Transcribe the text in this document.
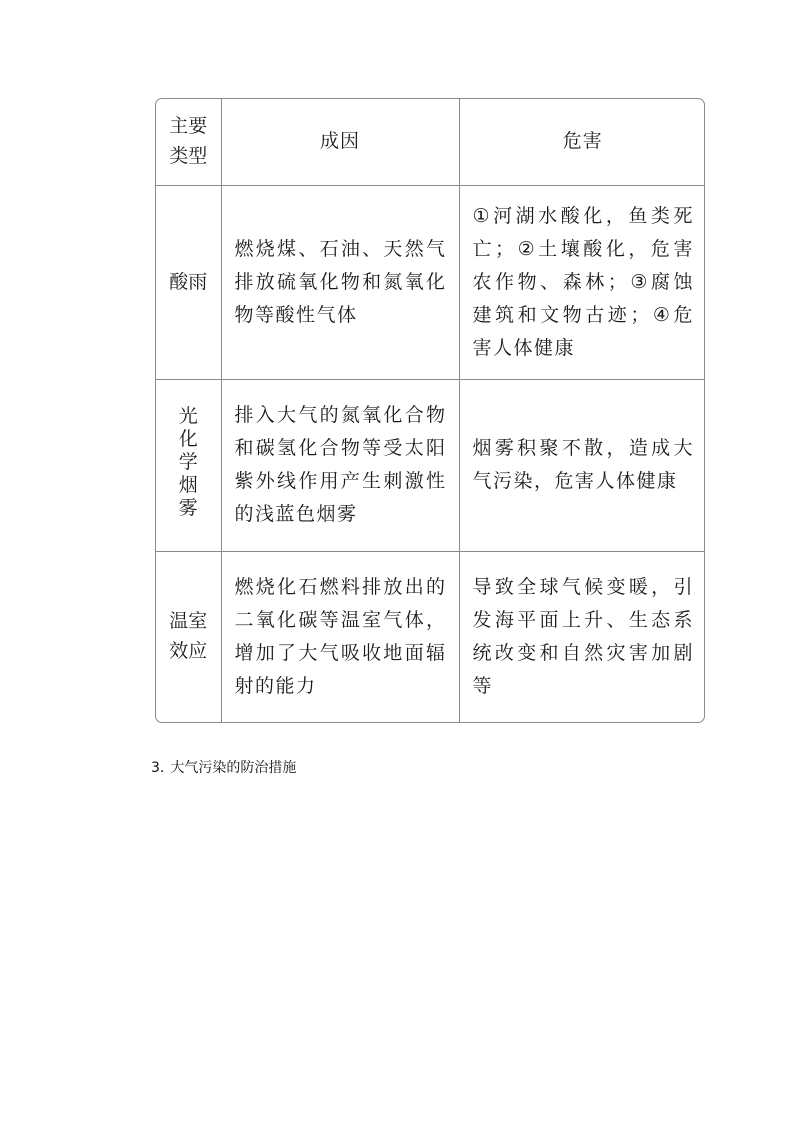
主要类型	成因	危害
酸雨	燃烧煤、石油、天然气排放硫氧化物和氮氧化物等酸性气体	①河湖水酸化，鱼类死亡；②土壤酸化，危害农作物、森林；③腐蚀建筑和文物古迹；④危害人体健康
光化学烟雾	排入大气的氮氧化合物和碳氢化合物等受太阳紫外线作用产生刺激性的浅蓝色烟雾	烟雾积聚不散，造成大气污染，危害人体健康
温室效应	燃烧化石燃料排放出的二氧化碳等温室气体，增加了大气吸收地面辐射的能力	导致全球气候变暖，引发海平面上升、生态系统改变和自然灾害加剧等
3. 大气污染的防治措施
